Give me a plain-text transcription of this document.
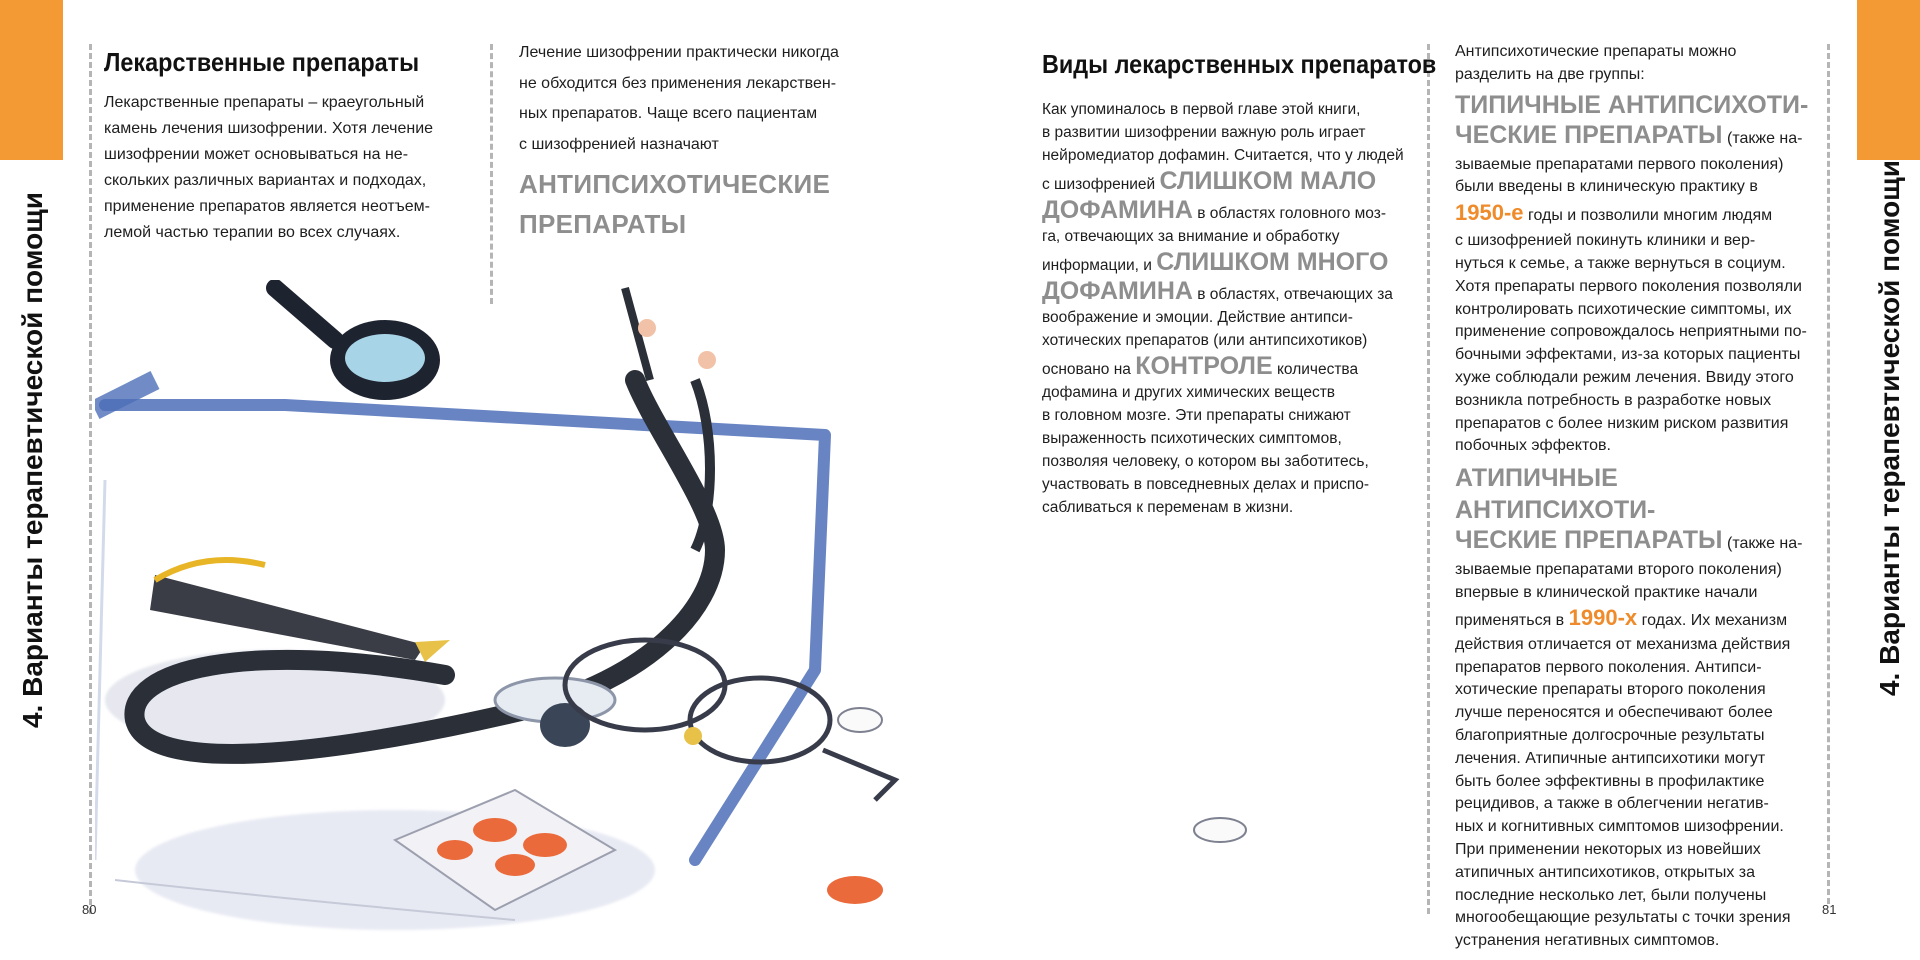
4. Варианты терапевтической помощи	4. Варианты терапевтической помощи
80	81
Лекарственные препараты
Лекарственные препараты – краеугольный
камень лечения шизофрении. Хотя лечение
шизофрении может основываться на не-
скольких различных вариантах и подходах,
применение препаратов является неотъем-
лемой частью терапии во всех случаях.
Лечение шизофрении практически никогда
не обходится без применения лекарствен-
ных препаратов. Чаще всего пациентам
с шизофренией назначают
АНТИПСИХОТИЧЕСКИЕ
ПРЕПАРАТЫ
Виды лекарственных препаратов
Как упоминалось в первой главе этой книги,
в развитии шизофрении важную роль играет
нейромедиатор дофамин. Считается, что у людей
с шизофренией СЛИШКОМ МАЛО
ДОФАМИНА в областях головного моз-
га, отвечающих за внимание и обработку
информации, и СЛИШКОМ МНОГО
ДОФАМИНА в областях, отвечающих за
воображение и эмоции. Действие антипси-
хотических препаратов (или антипсихотиков)
основано на КОНТРОЛЕ количества
дофамина и других химических веществ
в головном мозге. Эти препараты снижают
выраженность психотических симптомов,
позволяя человеку, о котором вы заботитесь,
участвовать в повседневных делах и приспо-
сабливаться к переменам в жизни.
Антипсихотические препараты можно
разделить на две группы:
ТИПИЧНЫЕ АНТИПСИХОТИ-
ЧЕСКИЕ ПРЕПАРАТЫ (также на-
зываемые препаратами первого поколения)
были введены в клиническую практику в
1950-е годы и позволили многим людям
с шизофренией покинуть клиники и вер-
нуться к семье, а также вернуться в социум.
Хотя препараты первого поколения позволяли
контролировать психотические симптомы, их
применение сопровождалось неприятными по-
бочными эффектами, из-за которых пациенты
хуже соблюдали режим лечения. Ввиду этого
возникла потребность в разработке новых
препаратов с более низким риском развития
побочных эффектов.
АТИПИЧНЫЕ АНТИПСИХОТИ-
ЧЕСКИЕ ПРЕПАРАТЫ (также на-
зываемые препаратами второго поколения)
впервые в клинической практике начали
применяться в 1990-х годах. Их механизм
действия отличается от механизма действия
препаратов первого поколения. Антипси-
хотические препараты второго поколения
лучше переносятся и обеспечивают более
благоприятные долгосрочные результаты
лечения. Атипичные антипсихотики могут
быть более эффективны в профилактике
рецидивов, а также в облегчении негатив-
ных и когнитивных симптомов шизофрении.
При применении некоторых из новейших
атипичных антипсихотиков, открытых за
последние несколько лет, были получены
многообещающие результаты с точки зрения
устранения негативных симптомов.
